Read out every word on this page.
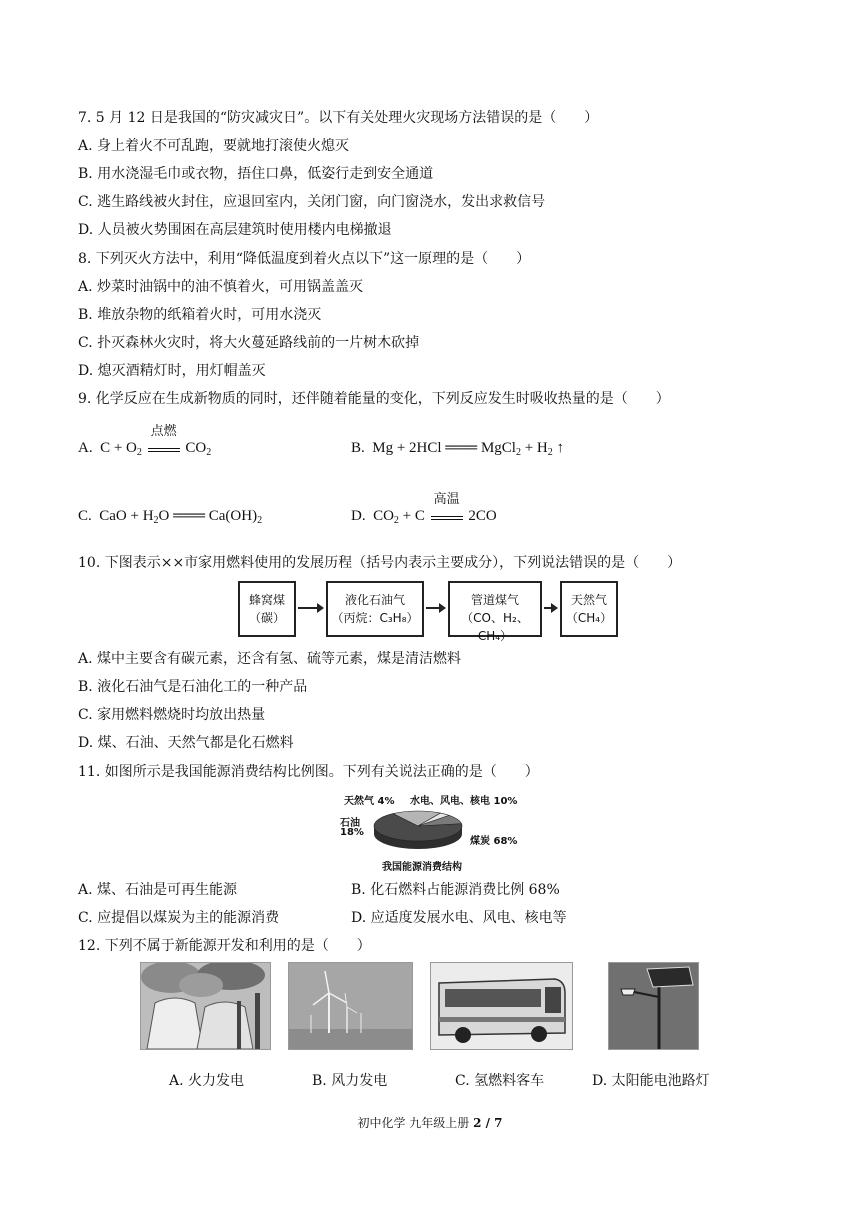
7. 5 月 12 日是我国的“防灾减灾日”。以下有关处理火灾现场方法错误的是（　　）
A. 身上着火不可乱跑，要就地打滚使火熄灭
B. 用水浇湿毛巾或衣物，捂住口鼻，低姿行走到安全通道
C. 逃生路线被火封住，应退回室内，关闭门窗，向门窗浇水，发出求救信号
D. 人员被火势围困在高层建筑时使用楼内电梯撤退
8. 下列灭火方法中，利用“降低温度到着火点以下”这一原理的是（　　）
A. 炒菜时油锅中的油不慎着火，可用锅盖盖灭
B. 堆放杂物的纸箱着火时，可用水浇灭
C. 扑灭森林火灾时，将大火蔓延路线前的一片树木砍掉
D. 熄灭酒精灯时，用灯帽盖灭
9. 化学反应在生成新物质的同时，还伴随着能量的变化，下列反应发生时吸收热量的是（　　）
A.  $C + O_2$
点燃
$CO_2$	B.  Mg + 2HCl ═══ MgCl$_2$ + $H_2$ ↑
C.  CaO + $H_2O$ ═══ $Ca(OH)_2$	D.  $CO_2 + C$
高温
2CO
10. 下图表示××市家用燃料使用的发展历程（括号内表示主要成分），下列说法错误的是（　　）
蜂窝煤
（碳）
液化石油气
（丙烷：C₃H₈）
管道煤气
（CO、H₂、CH₄）
天然气
（CH₄）
A. 煤中主要含有碳元素，还含有氢、硫等元素，煤是清洁燃料
B. 液化石油气是石油化工的一种产品
C. 家用燃料燃烧时均放出热量
D. 煤、石油、天然气都是化石燃料
11. 如图所示是我国能源消费结构比例图。下列有关说法正确的是（　　）
天然气 4% 水电、风电、核电 10%
石油
18%
煤炭 68%
我国能源消费结构
A. 煤、石油是可再生能源	B. 化石燃料占能源消费比例 68%
C. 应提倡以煤炭为主的能源消费	D. 应适度发展水电、风电、核电等
12. 下列不属于新能源开发和利用的是（　　）
A. 火力发电	B. 风力发电	C. 氢燃料客车	D. 太阳能电池路灯
初中化学 九年级上册 2 / 7
